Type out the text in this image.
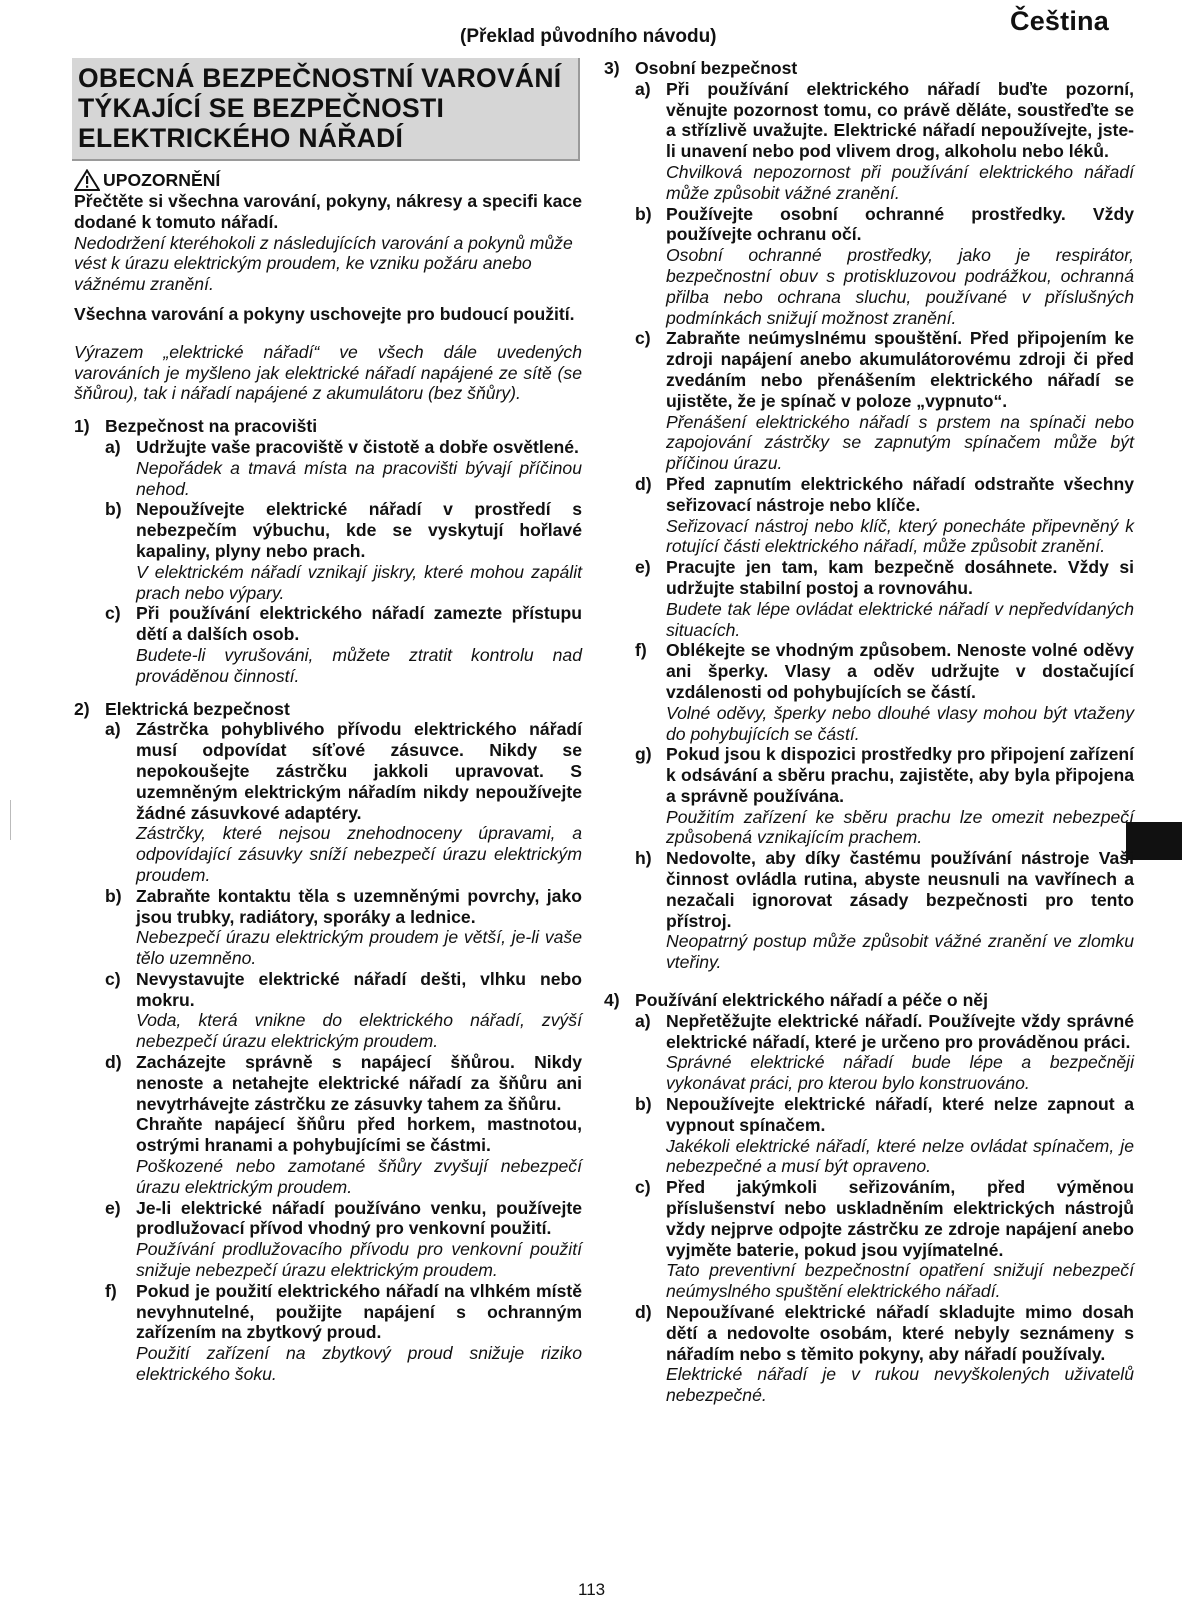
Čeština
(Překlad původního návodu)
OBECNÁ BEZPEČNOSTNÍ VAROVÁNÍ TÝKAJÍCÍ SE BEZPEČNOSTI ELEKTRICKÉHO NÁŘADÍ
UPOZORNĚNÍ

Přečtěte si všechna varování, pokyny, nákresy a specifi kace dodané k tomuto nářadí.

Nedodržení kteréhokoli z následujících varování a pokynů může vést k úrazu elektrickým proudem, ke vzniku požáru anebo vážnému zranění.

Všechna varování a pokyny uschovejte pro budoucí použití.

Výrazem „elektrické nářadí“ ve všech dále uvedených varováních je myšleno jak elektrické nářadí napájené ze sítě (se šňůrou), tak i nářadí napájené z akumulátoru (bez šňůry).

1) Bezpečnost na pracovišti
a) Udržujte vaše pracoviště v čistotě a dobře osvětlené.

Nepořádek a tmavá místa na pracovišti bývají příčinou nehod.

b) Nepoužívejte elektrické nářadí v prostředí s nebezpečím výbuchu, kde se vyskytují hořlavé kapaliny, plyny nebo prach.

V elektrickém nářadí vznikají jiskry, které mohou zapálit prach nebo výpary.

c) Při používání elektrického nářadí zamezte přístupu dětí a dalších osob.

Budete-li vyrušováni, můžete ztratit kontrolu nad prováděnou činností.

2) Elektrická bezpečnost
a) Zástrčka pohyblivého přívodu elektrického nářadí musí odpovídat síťové zásuvce. Nikdy se nepokoušejte zástrčku jakkoli upravovat. S uzemněným elektrickým nářadím nikdy nepoužívejte žádné zásuvkové adaptéry.

Zástrčky, které nejsou znehodnoceny úpravami, a odpovídající zásuvky sníží nebezpečí úrazu elektrickým proudem.

b) Zabraňte kontaktu těla s uzemněnými povrchy, jako jsou trubky, radiátory, sporáky a lednice.

Nebezpečí úrazu elektrickým proudem je větší, je-li vaše tělo uzemněno.

c) Nevystavujte elektrické nářadí dešti, vlhku nebo mokru.

Voda, která vnikne do elektrického nářadí, zvýší nebezpečí úrazu elektrickým proudem.

d) Zacházejte správně s napájecí šňůrou. Nikdy nenoste a netahejte elektrické nářadí za šňůru ani nevytrhávejte zástrčku ze zásuvky tahem za šňůru.

Chraňte napájecí šňůru před horkem, mastnotou, ostrými hranami a pohybujícími se částmi.

Poškozené nebo zamotané šňůry zvyšují nebezpečí úrazu elektrickým proudem.

e) Je-li elektrické nářadí používáno venku, používejte prodlužovací přívod vhodný pro venkovní použití.

Používání prodlužovacího přívodu pro venkovní použití snižuje nebezpečí úrazu elektrickým proudem.

f)	Pokud je použití elektrického nářadí na vlhkém místě nevyhnutelné, použijte napájení s ochranným zařízením na zbytkový proud.

Použití zařízení na zbytkový proud snižuje riziko elektrického šoku.

3) Osobní bezpečnost
a) Při používání elektrického nářadí buďte pozorní, věnujte pozornost tomu, co právě děláte, soustřeďte se a střízlivě uvažujte. Elektrické nářadí nepoužívejte, jste-li unavení nebo pod vlivem drog, alkoholu nebo léků.

Chvilková nepozornost při používání elektrického nářadí může způsobit vážné zranění.

b) Používejte osobní ochranné prostředky. Vždy používejte ochranu očí.

Osobní ochranné prostředky, jako je respirátor, bezpečnostní obuv s protiskluzovou podrážkou, ochranná přilba nebo ochrana sluchu, používané v příslušných podmínkách snižují možnost zranění.

c) Zabraňte neúmyslnému spouštění. Před připojením ke zdroji napájení anebo akumulátorovému zdroji či před zvedáním nebo přenášením elektrického nářadí se ujistěte, že je spínač v poloze „vypnuto“.

Přenášení elektrického nářadí s prstem na spínači nebo zapojování zástrčky se zapnutým spínačem může být příčinou úrazu.

d) Před zapnutím elektrického nářadí odstraňte všechny seřizovací nástroje nebo klíče.

Seřizovací nástroj nebo klíč, který ponecháte připevněný k rotující části elektrického nářadí, může způsobit zranění.

e) Pracujte jen tam, kam bezpečně dosáhnete. Vždy si udržujte stabilní postoj a rovnováhu.

Budete tak lépe ovládat elektrické nářadí v nepředvídaných situacích.

f)	Oblékejte se vhodným způsobem. Nenoste volné oděvy ani šperky. Vlasy a oděv udržujte v dostačující vzdálenosti od pohybujících se částí.

Volné oděvy, šperky nebo dlouhé vlasy mohou být vtaženy do pohybujících se částí.

g) Pokud jsou k dispozici prostředky pro připojení zařízení k odsávání a sběru prachu, zajistěte, aby byla připojena a správně používána.

Použitím zařízení ke sběru prachu lze omezit nebezpečí způsobená vznikajícím prachem.

h) Nedovolte, aby díky častému používání nástroje Vaši činnost ovládla rutina, abyste neusnuli na vavřínech a nezačali ignorovat zásady bezpečnosti pro tento přístroj.

Neopatrný postup může způsobit vážné zranění ve zlomku vteřiny.

4) Používání elektrického nářadí a péče o něj
a) Nepřetěžujte elektrické nářadí. Používejte vždy správné elektrické nářadí, které je určeno pro prováděnou práci.

Správné elektrické nářadí bude lépe a bezpečněji vykonávat práci, pro kterou bylo konstruováno.

b) Nepoužívejte elektrické nářadí, které nelze zapnout a vypnout spínačem.

Jakékoli elektrické nářadí, které nelze ovládat spínačem, je nebezpečné a musí být opraveno.

c) Před jakýmkoli seřizováním, před výměnou příslušenství nebo uskladněním elektrických nástrojů vždy nejprve odpojte zástrčku ze zdroje napájení anebo vyjměte baterie, pokud jsou vyjímatelné.

Tato preventivní bezpečnostní opatření snižují nebezpečí neúmyslného spuštění elektrického nářadí.

d) Nepoužívané elektrické nářadí skladujte mimo dosah dětí a nedovolte osobám, které nebyly seznámeny s nářadím nebo s těmito pokyny, aby nářadí používaly.

Elektrické nářadí je v rukou nevyškolených uživatelů nebezpečné.

113
